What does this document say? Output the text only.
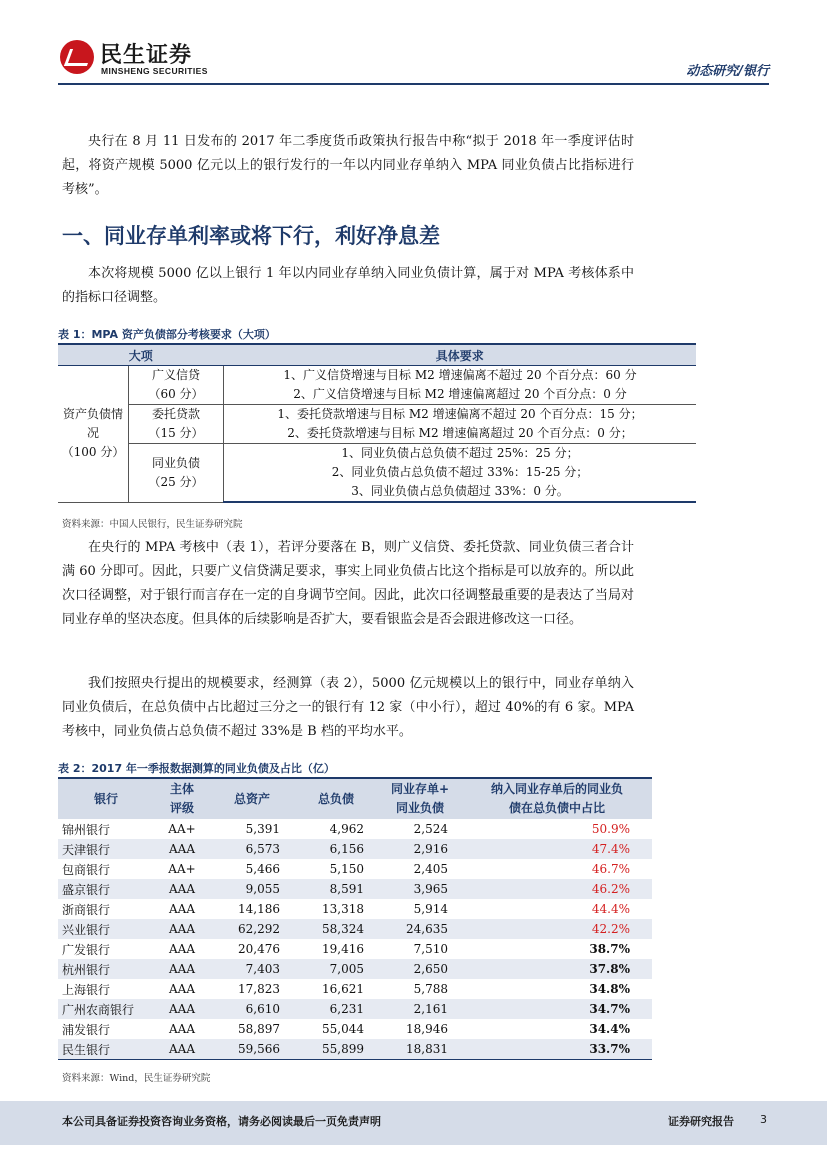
民生证券
MINSHENG SECURITIES	动态研究/银行

央行在 8 月 11 日发布的 2017 年二季度货币政策执行报告中称“拟于 2018 年一季度评估时起，将资产规模 5000 亿元以上的银行发行的一年以内同业存单纳入 MPA 同业负债占比指标进行考核”。

一、同业存单利率或将下行，利好净息差

本次将规模 5000 亿以上银行 1 年以内同业存单纳入同业负债计算，属于对 MPA 考核体系中的指标口径调整。

表 1：MPA 资产负债部分考核要求（大项）
大项		具体要求
资产负债情况
（100 分）	广义信贷
（60 分）	1、广义信贷增速与目标 M2 增速偏离不超过 20 个百分点：60 分
		2、广义信贷增速与目标 M2 增速偏离超过 20 个百分点：0 分
	委托贷款
（15 分）	1、委托贷款增速与目标 M2 增速偏离不超过 20 个百分点：15 分；
		2、委托贷款增速与目标 M2 增速偏离超过 20 个百分点：0 分；
	同业负债
（25 分）	1、同业负债占总负债不超过 25%：25 分；
		2、同业负债占总负债不超过 33%：15-25 分；
		3、同业负债占总负债超过 33%：0 分。
资料来源：中国人民银行，民生证券研究院

在央行的 MPA 考核中（表 1），若评分要落在 B，则广义信贷、委托贷款、同业负债三者合计满 60 分即可。因此，只要广义信贷满足要求，事实上同业负债占比这个指标是可以放弃的。所以此次口径调整，对于银行而言存在一定的自身调节空间。因此，此次口径调整最重要的是表达了当局对同业存单的坚决态度。但具体的后续影响是否扩大，要看银监会是否会跟进修改这一口径。

我们按照央行提出的规模要求，经测算（表 2），5000 亿元规模以上的银行中，同业存单纳入同业负债后，在总负债中占比超过三分之一的银行有 12 家（中小行），超过 40%的有 6 家。MPA 考核中，同业负债占总负债不超过 33%是 B 档的平均水平。

表 2：2017 年一季报数据测算的同业负债及占比（亿）
银行	主体
评级	总资产	总负债	同业存单+
同业负债	纳入同业存单后的同业负
债在总负债中占比
锦州银行	AA+	5,391	4,962	2,524	50.9%
天津银行	AAA	6,573	6,156	2,916	47.4%
包商银行	AA+	5,466	5,150	2,405	46.7%
盛京银行	AAA	9,055	8,591	3,965	46.2%
浙商银行	AAA	14,186	13,318	5,914	44.4%
兴业银行	AAA	62,292	58,324	24,635	42.2%
广发银行	AAA	20,476	19,416	7,510	38.7%
杭州银行	AAA	7,403	7,005	2,650	37.8%
上海银行	AAA	17,823	16,621	5,788	34.8%
广州农商银行	AAA	6,610	6,231	2,161	34.7%
浦发银行	AAA	58,897	55,044	18,946	34.4%
民生银行	AAA	59,566	55,899	18,831	33.7%
资料来源：Wind，民生证券研究院
本公司具备证券投资咨询业务资格，请务必阅读最后一页免责声明	证券研究报告 3
